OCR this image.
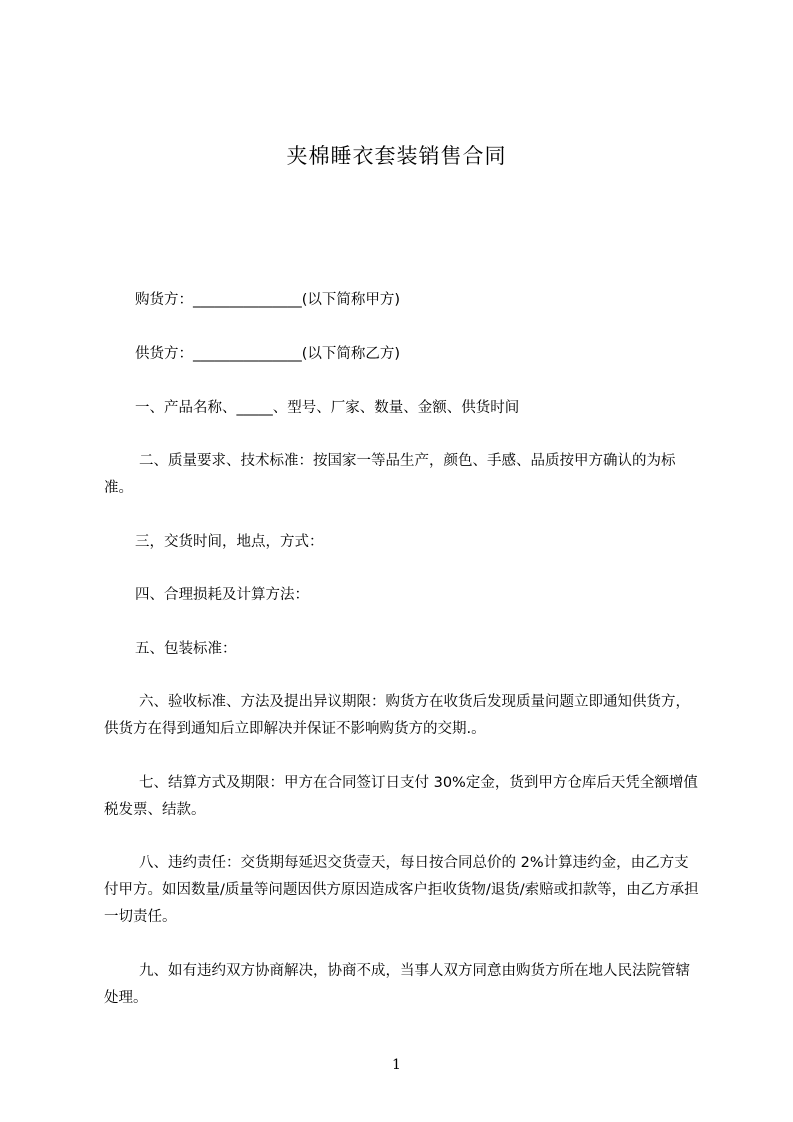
夹棉睡衣套装销售合同
购货方：_______________(以下简称甲方)
供货方：_______________(以下简称乙方)
一、产品名称、_____、型号、厂家、数量、金额、供货时间
二、质量要求、技术标准：按国家一等品生产，颜色、手感、品质按甲方确认的为标准。
三，交货时间，地点，方式：
四、合理损耗及计算方法：
五、包装标准：
六、验收标准、方法及提出异议期限：购货方在收货后发现质量问题立即通知供货方，供货方在得到通知后立即解决并保证不影响购货方的交期.。
七、结算方式及期限：甲方在合同签订日支付 30%定金，货到甲方仓库后天凭全额增值税发票、结款。
八、违约责任：交货期每延迟交货壹天，每日按合同总价的 2%计算违约金，由乙方支付甲方。如因数量/质量等问题因供方原因造成客户拒收货物/退货/索赔或扣款等，由乙方承担一切责任。
九、如有违约双方协商解决，协商不成，当事人双方同意由购货方所在地人民法院管辖处理。
1
